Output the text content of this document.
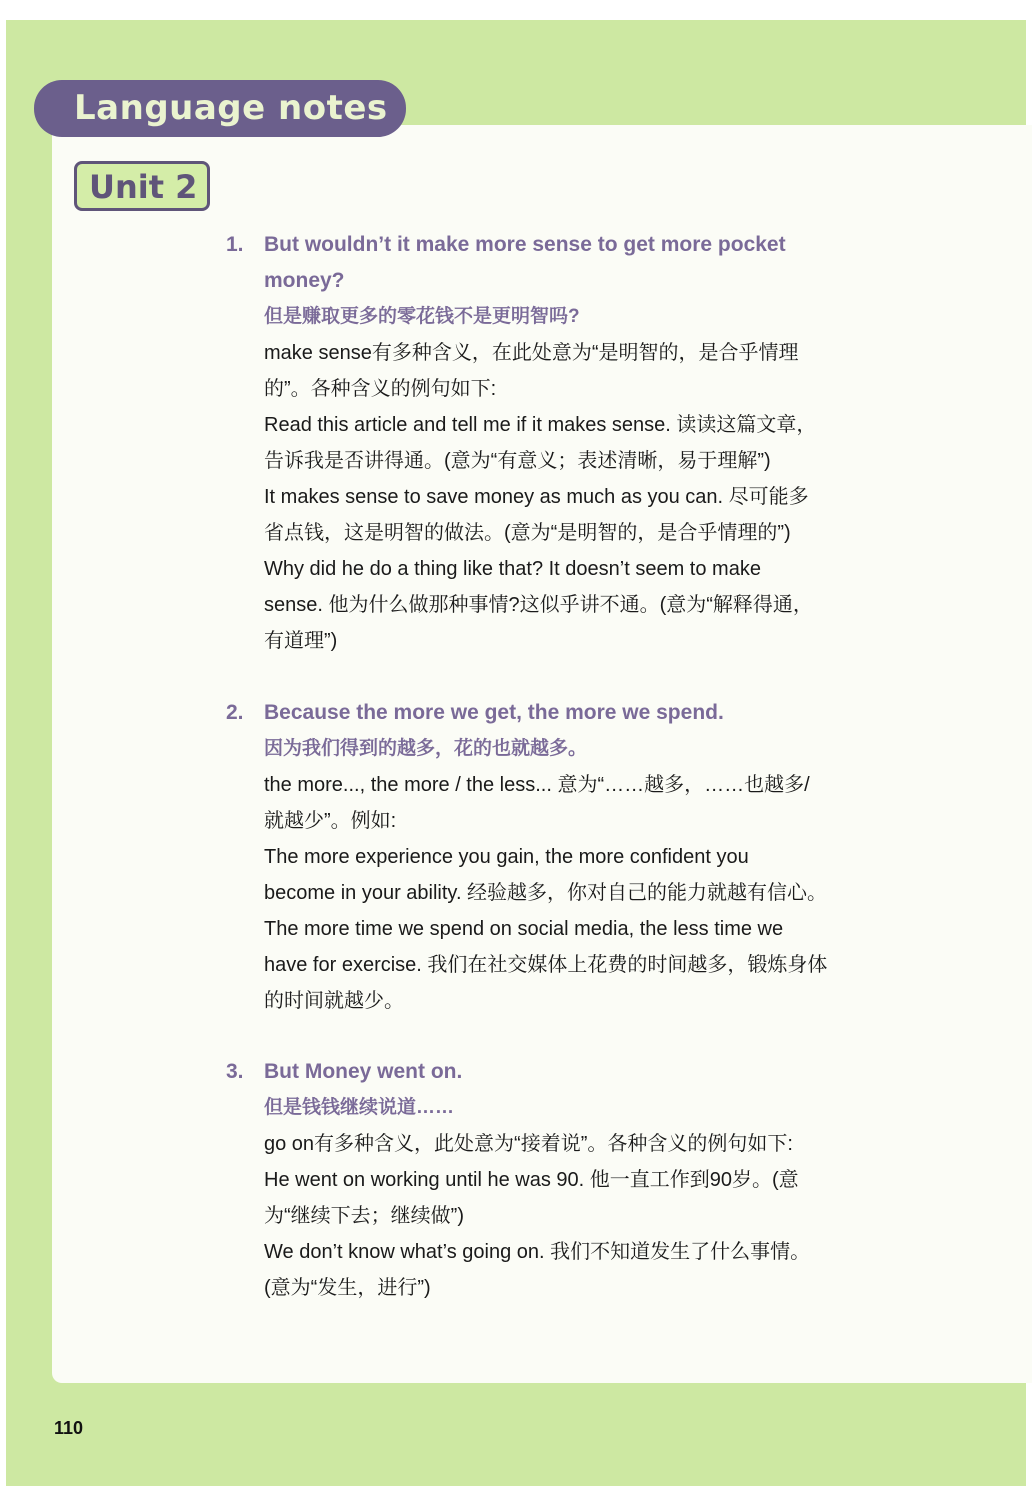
Language notes
Unit 2
1. But wouldn’t it make more sense to get more pocket
money?
但是赚取更多的零花钱不是更明智吗?
make sense有多种含义，在此处意为“是明智的，是合乎情理
的”。各种含义的例句如下:
Read this article and tell me if it makes sense. 读读这篇文章，
告诉我是否讲得通。(意为“有意义；表述清晰，易于理解”)
It makes sense to save money as much as you can. 尽可能多
省点钱，这是明智的做法。(意为“是明智的，是合乎情理的”)
Why did he do a thing like that? It doesn’t seem to make
sense. 他为什么做那种事情?这似乎讲不通。(意为“解释得通，
有道理”)
2. Because the more we get, the more we spend.
因为我们得到的越多，花的也就越多。
the more..., the more / the less... 意为“……越多，……也越多/
就越少”。例如:
The more experience you gain, the more confident you
become in your ability. 经验越多，你对自己的能力就越有信心。
The more time we spend on social media, the less time we
have for exercise. 我们在社交媒体上花费的时间越多，锻炼身体
的时间就越少。
3. But Money went on.
但是钱钱继续说道……
go on有多种含义，此处意为“接着说”。各种含义的例句如下:
He went on working until he was 90. 他一直工作到90岁。(意
为“继续下去；继续做”)
We don’t know what’s going on. 我们不知道发生了什么事情。
(意为“发生，进行”)
110
